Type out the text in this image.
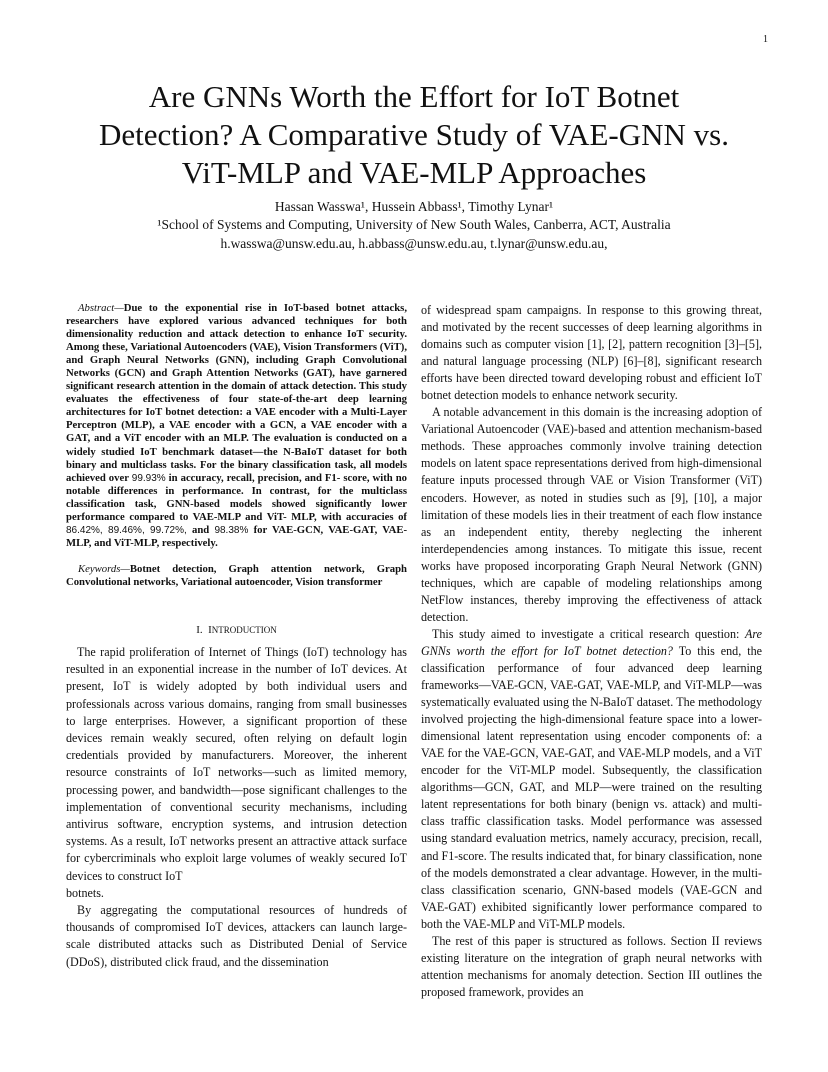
1
Are GNNs Worth the Effort for IoT Botnet
Detection? A Comparative Study of VAE-GNN vs.
ViT-MLP and VAE-MLP Approaches
Hassan Wasswa¹, Hussein Abbass¹, Timothy Lynar¹
¹School of Systems and Computing, University of New South Wales, Canberra, ACT, Australia
h.wasswa@unsw.edu.au, h.abbass@unsw.edu.au, t.lynar@unsw.edu.au,

Abstract—Due to the exponential rise in IoT-based botnet attacks, researchers have explored various advanced techniques for both dimensionality reduction and attack detection to enhance IoT security. Among these, Variational Autoencoders (VAE), Vision Transformers (ViT), and Graph Neural Networks (GNN), including Graph Convolutional Networks (GCN) and Graph Attention Networks (GAT), have garnered significant research attention in the domain of attack detection. This study evaluates the effectiveness of four state-of-the-art deep learning architectures for IoT botnet detection: a VAE encoder with a Multi-Layer Perceptron (MLP), a VAE encoder with a GCN, a VAE encoder with a GAT, and a ViT encoder with an MLP. The evaluation is conducted on a widely studied IoT benchmark dataset—the N-BaIoT dataset for both binary and multiclass tasks. For the binary classification task, all models achieved over 99.93% in accuracy, recall, precision, and F1- score, with no notable differences in performance. In contrast, for the multiclass classification task, GNN-based models showed significantly lower performance compared to VAE-MLP and ViT- MLP, with accuracies of 86.42%, 89.46%, 99.72%, and 98.38% for VAE-GCN, VAE-GAT, VAE-MLP, and ViT-MLP, respectively.

Keywords—Botnet detection, Graph attention network, Graph Convolutional networks, Variational autoencoder, Vision transformer

I. INTRODUCTION

The rapid proliferation of Internet of Things (IoT) technology has resulted in an exponential increase in the number of IoT devices. At present, IoT is widely adopted by both individual users and professionals across various domains, ranging from small businesses to large enterprises. However, a significant proportion of these devices remain weakly secured, often relying on default login credentials provided by manufacturers. Moreover, the inherent resource constraints of IoT networks—such as limited memory, processing power, and bandwidth—pose significant challenges to the implementation of conventional security mechanisms, including antivirus software, encryption systems, and intrusion detection systems. As a result, IoT networks present an attractive attack surface for cybercriminals who exploit large volumes of weakly secured IoT devices to construct IoT

botnets.

By aggregating the computational resources of hundreds of thousands of compromised IoT devices, attackers can launch large-scale distributed attacks such as Distributed Denial of Service (DDoS), distributed click fraud, and the dissemination

of widespread spam campaigns. In response to this growing threat, and motivated by the recent successes of deep learning algorithms in domains such as computer vision [1], [2], pattern recognition [3]–[5], and natural language processing (NLP) [6]–[8], significant research efforts have been directed toward developing robust and efficient IoT botnet detection models to enhance network security.

A notable advancement in this domain is the increasing adoption of Variational Autoencoder (VAE)-based and attention mechanism-based methods. These approaches commonly involve training detection models on latent space representations derived from high-dimensional feature inputs processed through VAE or Vision Transformer (ViT) encoders. However, as noted in studies such as [9], [10], a major limitation of these models lies in their treatment of each flow instance as an independent entity, thereby neglecting the inherent interdependencies among instances. To mitigate this issue, recent works have proposed incorporating Graph Neural Network (GNN) techniques, which are capable of modeling relationships among NetFlow instances, thereby improving the effectiveness of attack detection.

This study aimed to investigate a critical research question: Are GNNs worth the effort for IoT botnet detection? To this end, the classification performance of four advanced deep learning frameworks—VAE-GCN, VAE-GAT, VAE-MLP, and ViT-MLP—was systematically evaluated using the N-BaIoT dataset. The methodology involved projecting the high-dimensional feature space into a lower-dimensional latent representation using encoder components of: a VAE for the VAE-GCN, VAE-GAT, and VAE-MLP models, and a ViT encoder for the ViT-MLP model. Subsequently, the classification algorithms—GCN, GAT, and MLP—were trained on the resulting latent representations for both binary (benign vs. attack) and multi-class traffic classification tasks. Model performance was assessed using standard evaluation metrics, namely accuracy, precision, recall, and F1-score. The results indicated that, for binary classification, none of the models demonstrated a clear advantage. However, in the multi-class classification scenario, GNN-based models (VAE-GCN and VAE-GAT) exhibited significantly lower performance compared to both the VAE-MLP and ViT-MLP models.

The rest of this paper is structured as follows. Section II reviews existing literature on the integration of graph neural networks with attention mechanisms for anomaly detection. Section III outlines the proposed framework, provides an
